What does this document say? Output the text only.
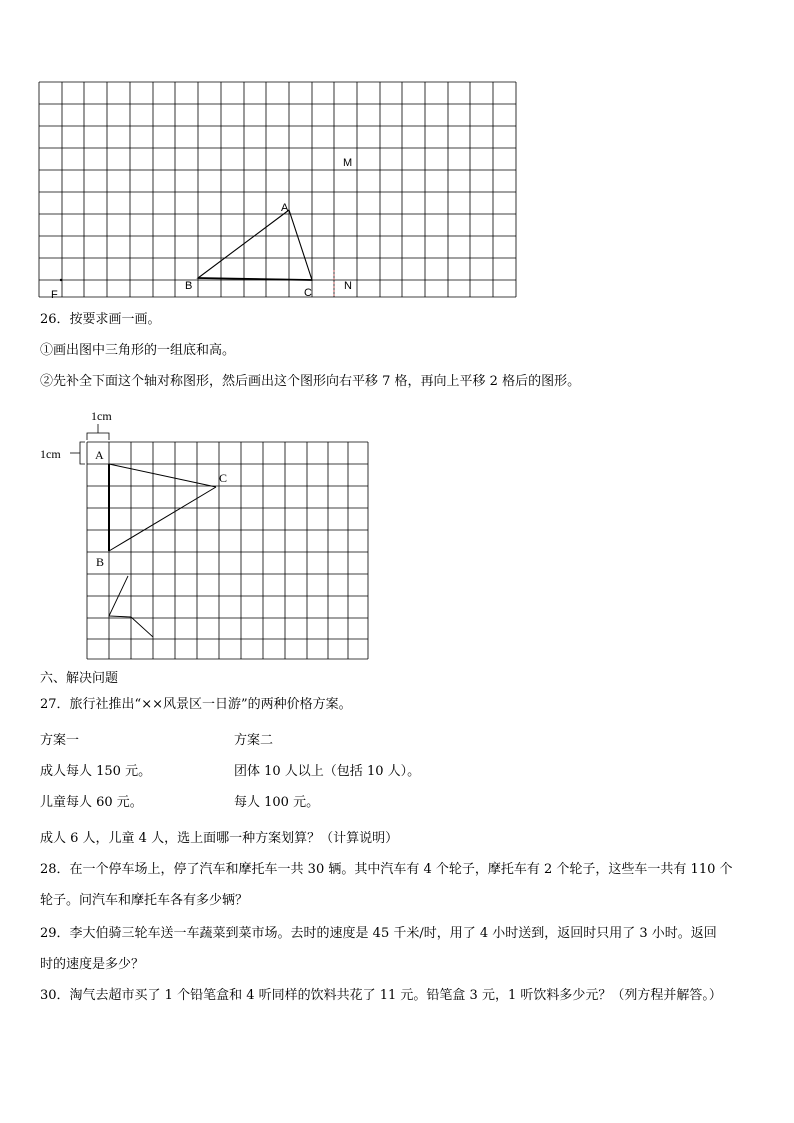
A
B
C
M
N
F
26．按要求画一画。
①画出图中三角形的一组底和高。
②先补全下面这个轴对称图形，然后画出这个图形向右平移 7 格，再向上平移 2 格后的图形。
1cm
1cm	A
B
C
六、解决问题
27．旅行社推出“××风景区一日游”的两种价格方案。
方案一	方案二
成人每人 150 元。	团体 10 人以上（包括 10 人）。
儿童每人 60 元。	每人 100 元。
成人 6 人，儿童 4 人，选上面哪一种方案划算？（计算说明）
28．在一个停车场上，停了汽车和摩托车一共 30 辆。其中汽车有 4 个轮子，摩托车有 2 个轮子，这些车一共有 110 个
轮子。问汽车和摩托车各有多少辆？
29．李大伯骑三轮车送一车蔬菜到菜市场。去时的速度是 45 千米/时，用了 4 小时送到，返回时只用了 3 小时。返回
时的速度是多少？
30．淘气去超市买了 1 个铅笔盒和 4 听同样的饮料共花了 11 元。铅笔盒 3 元，1 听饮料多少元？（列方程并解答。）
